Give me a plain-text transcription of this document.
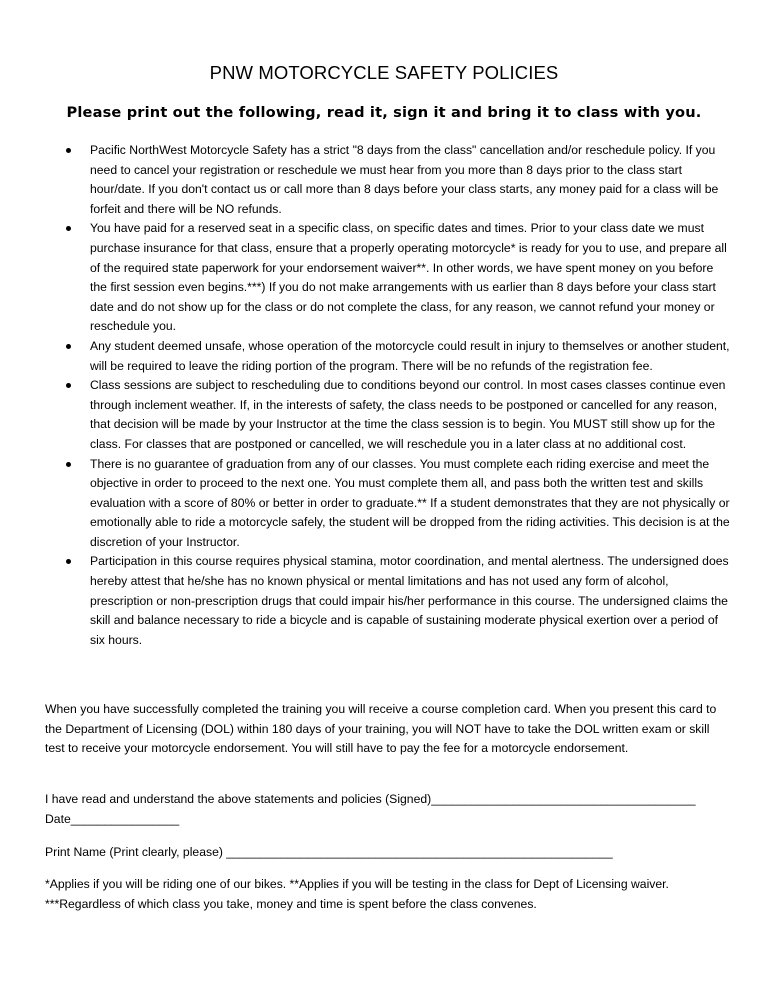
PNW MOTORCYCLE SAFETY POLICIES
Please print out the following, read it, sign it and bring it to class with you.
Pacific NorthWest Motorcycle Safety has a strict "8 days from the class" cancellation and/or reschedule policy. If you need to cancel your registration or reschedule we must hear from you more than 8 days prior to the class start hour/date. If you don't contact us or call more than 8 days before your class starts, any money paid for a class will be forfeit and there will be NO refunds.
You have paid for a reserved seat in a specific class, on specific dates and times. Prior to your class date we must purchase insurance for that class, ensure that a properly operating motorcycle* is ready for you to use, and prepare all of the required state paperwork for your endorsement waiver**. In other words, we have spent money on you before the first session even begins.***) If you do not make arrangements with us earlier than 8 days before your class start date and do not show up for the class or do not complete the class, for any reason, we cannot refund your money or reschedule you.
Any student deemed unsafe, whose operation of the motorcycle could result in injury to themselves or another student, will be required to leave the riding portion of the program. There will be no refunds of the registration fee.
Class sessions are subject to rescheduling due to conditions beyond our control. In most cases classes continue even through inclement weather. If, in the interests of safety, the class needs to be postponed or cancelled for any reason, that decision will be made by your Instructor at the time the class session is to begin. You MUST still show up for the class. For classes that are postponed or cancelled, we will reschedule you in a later class at no additional cost.
There is no guarantee of graduation from any of our classes. You must complete each riding exercise and meet the objective in order to proceed to the next one. You must complete them all, and pass both the written test and skills evaluation with a score of 80% or better in order to graduate.** If a student demonstrates that they are not physically or emotionally able to ride a motorcycle safely, the student will be dropped from the riding activities. This decision is at the discretion of your Instructor.
Participation in this course requires physical stamina, motor coordination, and mental alertness. The undersigned does hereby attest that he/she has no known physical or mental limitations and has not used any form of alcohol, prescription or non-prescription drugs that could impair his/her performance in this course. The undersigned claims the skill and balance necessary to ride a bicycle and is capable of sustaining moderate physical exertion over a period of six hours.
When you have successfully completed the training you will receive a course completion card. When you present this card to the Department of Licensing (DOL) within 180 days of your training, you will NOT have to take the DOL written exam or skill test to receive your motorcycle endorsement. You will still have to pay the fee for a motorcycle endorsement.
I have read and understand the above statements and policies (Signed)_______________________________________
Date________________
Print Name (Print clearly, please) _________________________________________________________
*Applies if you will be riding one of our bikes. **Applies if you will be testing in the class for Dept of Licensing waiver.
***Regardless of which class you take, money and time is spent before the class convenes.
